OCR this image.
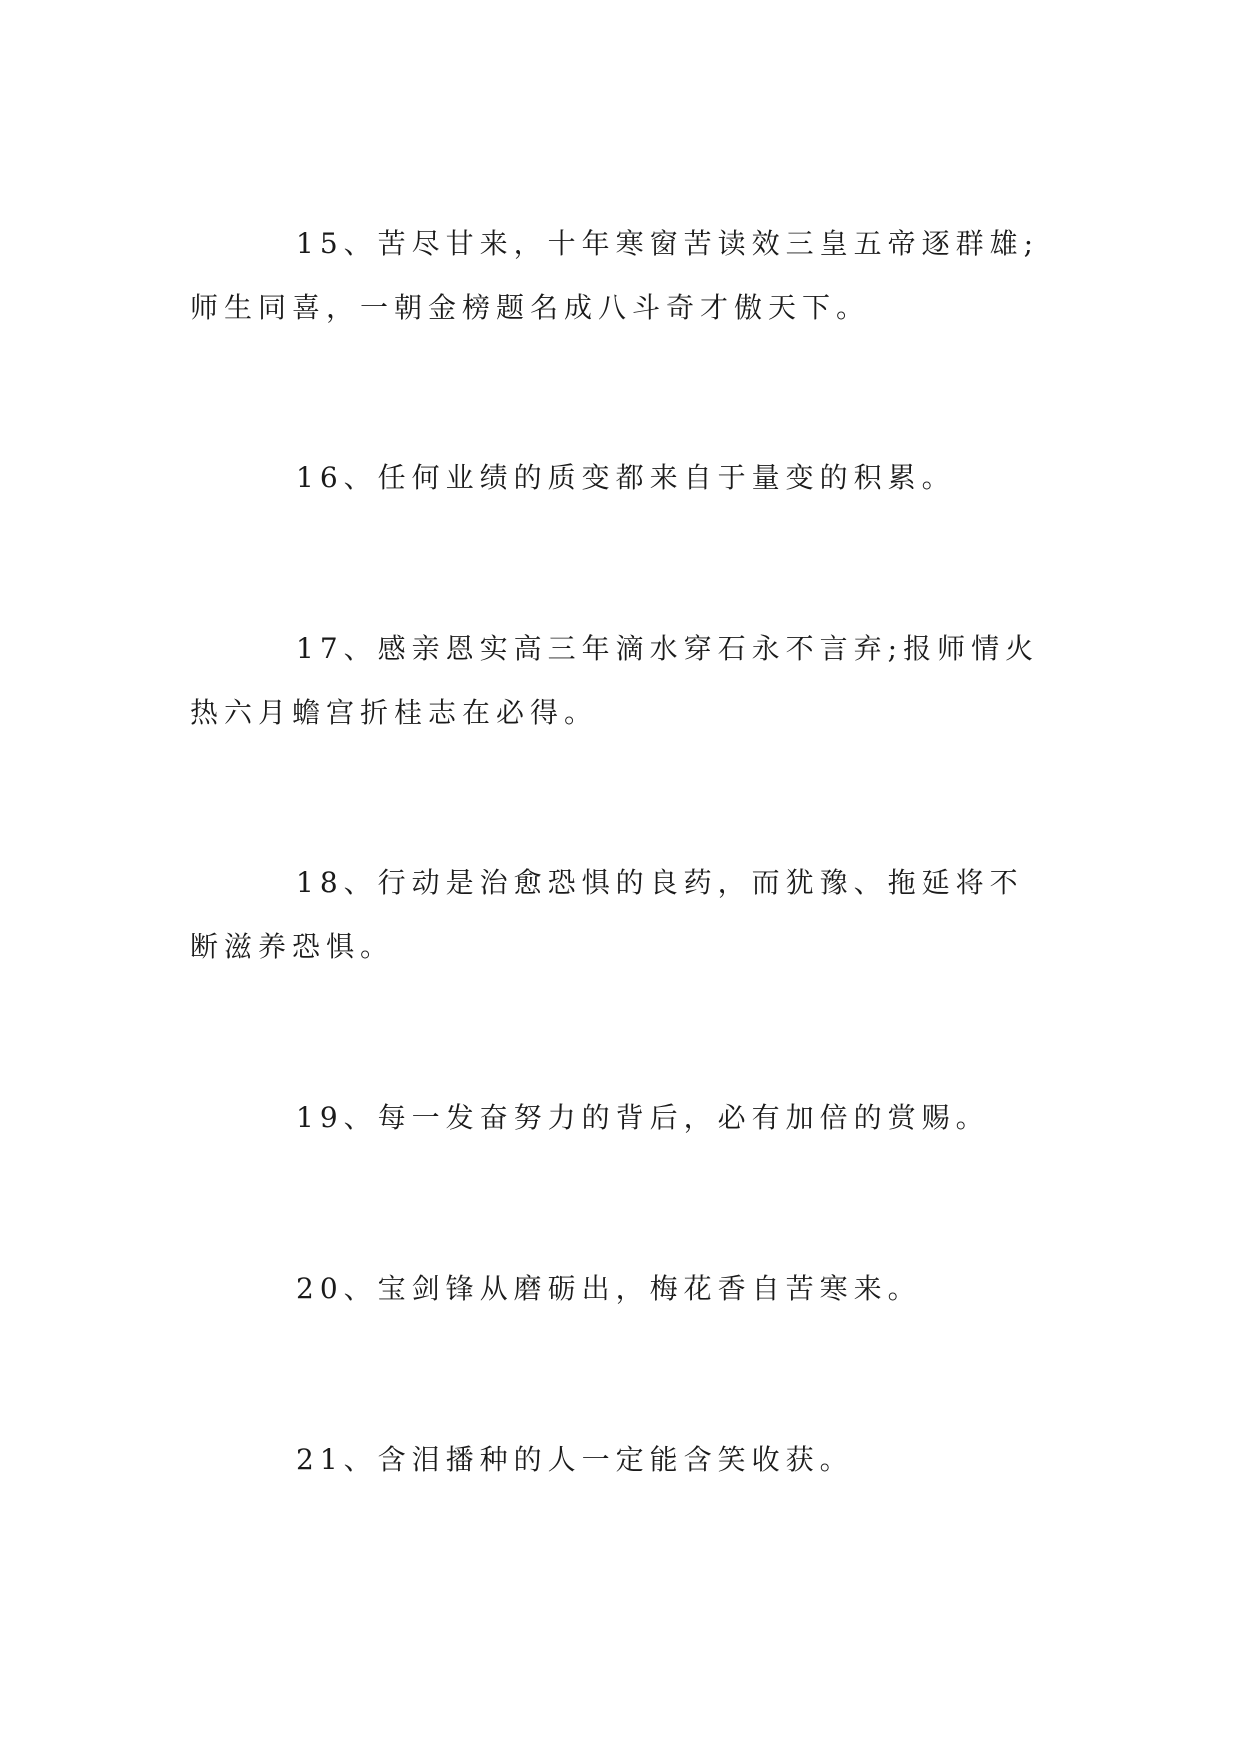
15、苦尽甘来，十年寒窗苦读效三皇五帝逐群雄;师生同喜，一朝金榜题名成八斗奇才傲天下。

16、任何业绩的质变都来自于量变的积累。

17、感亲恩实高三年滴水穿石永不言弃;报师情火热六月蟾宫折桂志在必得。

18、行动是治愈恐惧的良药，而犹豫、拖延将不断滋养恐惧。

19、每一发奋努力的背后，必有加倍的赏赐。

20、宝剑锋从磨砺出，梅花香自苦寒来。

21、含泪播种的人一定能含笑收获。
